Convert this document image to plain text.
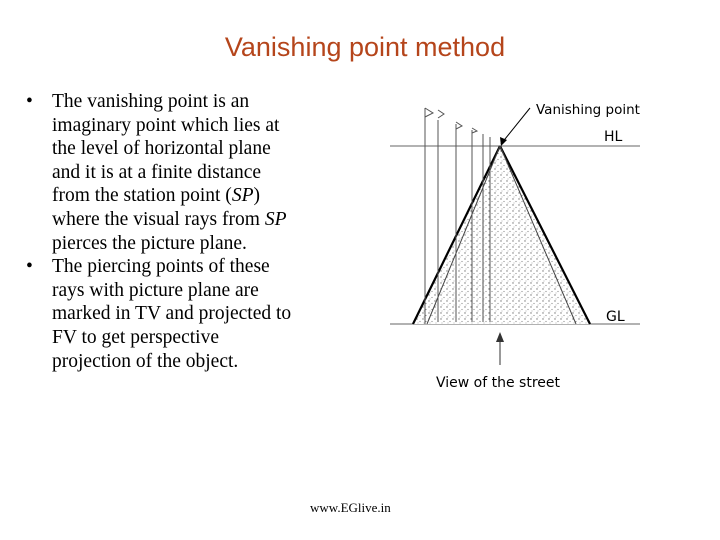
Vanishing point method
• The vanishing point is an
imaginary point which lies at
the level of horizontal plane
and it is at a finite distance
from the station point (SP)
where the visual rays from SP
pierces the picture plane.
• The piercing points of these
rays with picture plane are
marked in TV and projected to
FV to get perspective
projection of the object.
Vanishing point
HL
GL
View of the street
www.EGlive.in
